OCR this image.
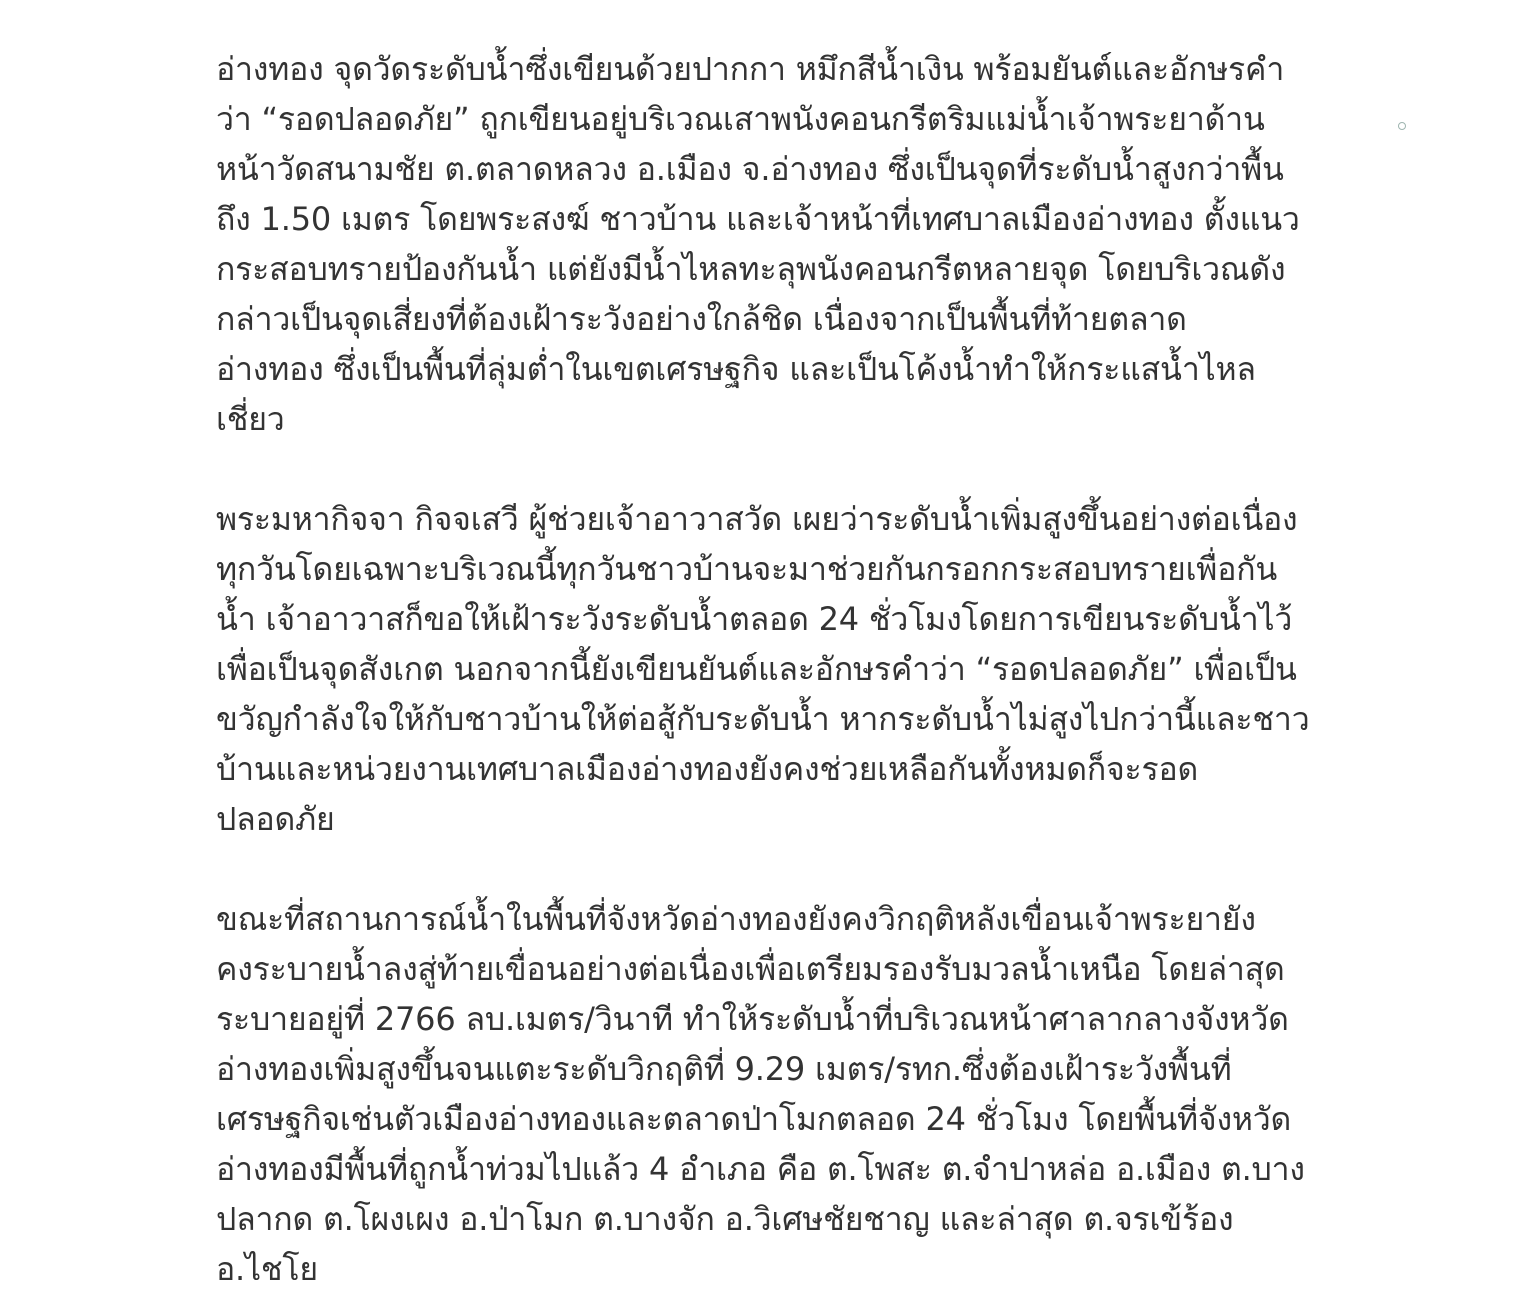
อ่างทอง จุดวัดระดับน้ำซึ่งเขียนด้วยปากกา หมึกสีน้ำเงิน พร้อมยันต์และอักษรคำ
ว่า “รอดปลอดภัย” ถูกเขียนอยู่บริเวณเสาพนังคอนกรีตริมแม่น้ำเจ้าพระยาด้าน
หน้าวัดสนามชัย ต.ตลาดหลวง อ.เมือง จ.อ่างทอง ซึ่งเป็นจุดที่ระดับน้ำสูงกว่าพื้น
ถึง 1.50 เมตร โดยพระสงฆ์ ชาวบ้าน และเจ้าหน้าที่เทศบาลเมืองอ่างทอง ตั้งแนว
กระสอบทรายป้องกันน้ำ แต่ยังมีน้ำไหลทะลุพนังคอนกรีตหลายจุด โดยบริเวณดัง
กล่าวเป็นจุดเสี่ยงที่ต้องเฝ้าระวังอย่างใกล้ชิด เนื่องจากเป็นพื้นที่ท้ายตลาด
อ่างทอง ซึ่งเป็นพื้นที่ลุ่มต่ำในเขตเศรษฐกิจ และเป็นโค้งน้ำทำให้กระแสน้ำไหล
เชี่ยว

พระมหากิจจา กิจจเสวี ผู้ช่วยเจ้าอาวาสวัด เผยว่าระดับน้ำเพิ่มสูงขึ้นอย่างต่อเนื่อง
ทุกวันโดยเฉพาะบริเวณนี้ทุกวันชาวบ้านจะมาช่วยกันกรอกกระสอบทรายเพื่อกัน
น้ำ เจ้าอาวาสก็ขอให้เฝ้าระวังระดับน้ำตลอด 24 ชั่วโมงโดยการเขียนระดับน้ำไว้
เพื่อเป็นจุดสังเกต นอกจากนี้ยังเขียนยันต์และอักษรคำว่า “รอดปลอดภัย” เพื่อเป็น
ขวัญกำลังใจให้กับชาวบ้านให้ต่อสู้กับระดับน้ำ หากระดับน้ำไม่สูงไปกว่านี้และชาว
บ้านและหน่วยงานเทศบาลเมืองอ่างทองยังคงช่วยเหลือกันทั้งหมดก็จะรอด
ปลอดภัย

ขณะที่สถานการณ์น้ำในพื้นที่จังหวัดอ่างทองยังคงวิกฤติหลังเขื่อนเจ้าพระยายัง
คงระบายน้ำลงสู่ท้ายเขื่อนอย่างต่อเนื่องเพื่อเตรียมรองรับมวลน้ำเหนือ โดยล่าสุด
ระบายอยู่ที่ 2766 ลบ.เมตร/วินาที ทำให้ระดับน้ำที่บริเวณหน้าศาลากลางจังหวัด
อ่างทองเพิ่มสูงขึ้นจนแตะระดับวิกฤติที่ 9.29 เมตร/รทก.ซึ่งต้องเฝ้าระวังพื้นที่
เศรษฐกิจเช่นตัวเมืองอ่างทองและตลาดป่าโมกตลอด 24 ชั่วโมง โดยพื้นที่จังหวัด
อ่างทองมีพื้นที่ถูกน้ำท่วมไปแล้ว 4 อำเภอ คือ ต.โพสะ ต.จำปาหล่อ อ.เมือง ต.บาง
ปลากด ต.โผงเผง อ.ป่าโมก ต.บางจัก อ.วิเศษชัยชาญ และล่าสุด ต.จรเข้ร้อง
อ.ไชโย
